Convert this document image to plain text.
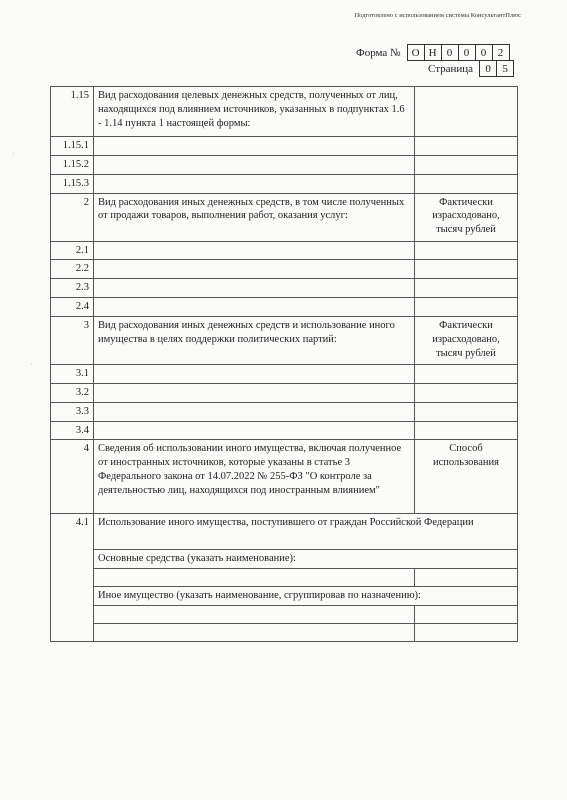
Подготовлено с использованием системы КонсультантПлюс
·
·
Форма №	О Н 0	0	0	2
Страница	0	5
1.15	Вид расходования целевых денежных средств, полученных от лиц, находящихся под влиянием источников, указанных в подпунктах 1.6 - 1.14 пункта 1 настоящей формы:	
1.15.1		
1.15.2		
1.15.3		
2	Вид расходования иных денежных средств, в том числе полученных от продажи товаров, выполнения работ, оказания услуг:	Фактически израсходовано, тысяч рублей
2.1		
2.2		
2.3		
2.4		
3	Вид расходования иных денежных средств и использование иного имущества в целях поддержки политических партий:	Фактически израсходовано, тысяч рублей
3.1		
3.2		
3.3		
3.4		
4	Сведения об использовании иного имущества, включая полученное от иностранных источников, которые указаны в статье 3 Федерального закона от 14.07.2022 № 255-ФЗ "О контроле за деятельностью лиц, находящихся под иностранным влиянием"	Способ использования
4.1	Использование иного имущества, поступившего от граждан Российской Федерации	
	Основные средства (указать наименование):	

	Иное имущество (указать наименование, сгруппировав по назначению):	
